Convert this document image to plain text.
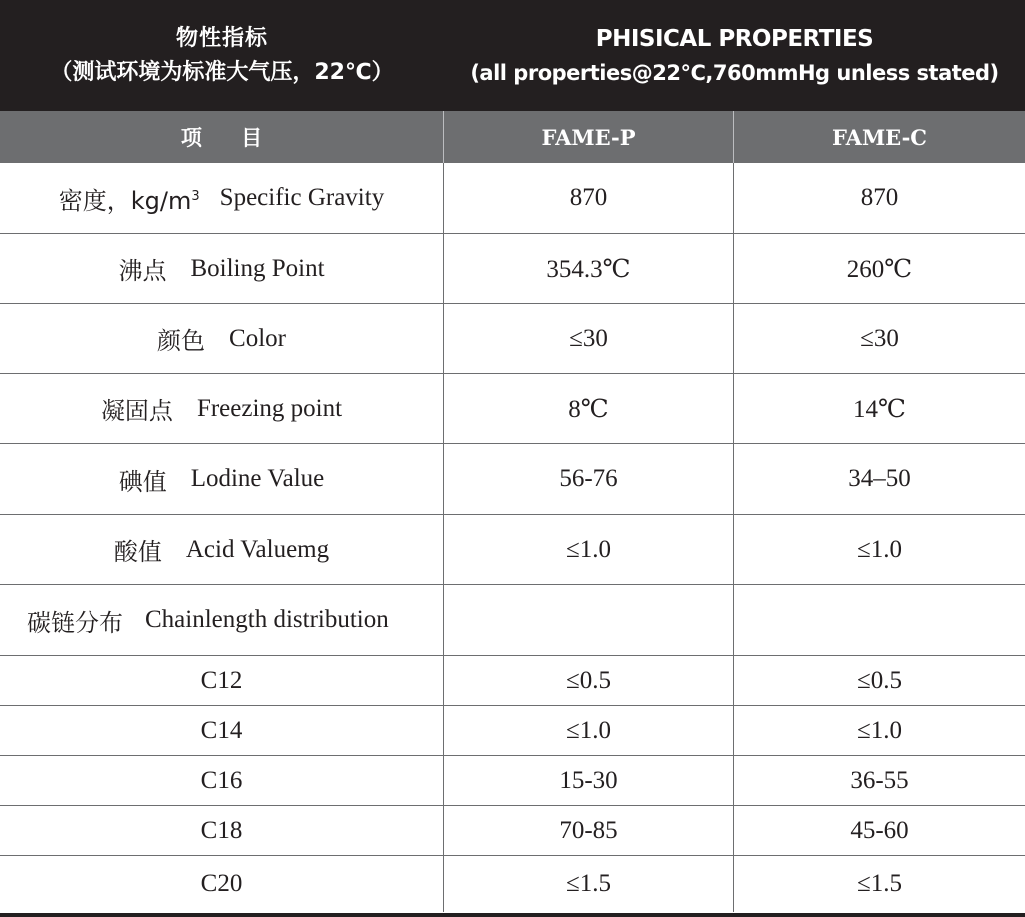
物性指标
（测试环境为标准大气压，22℃）
PHISICAL PROPERTIES
(all properties@22℃,760mmHg unless stated)
项 目	FAME-P	FAME-C
密度，$kg/m^3$ Specific Gravity	870	870
沸点 Boiling Point	354.3℃	260℃
颜色 Color	≤30	≤30
凝固点 Freezing point	8℃	14℃
碘值 Lodine Value	56-76	34–50
酸值 Acid Valuemg	≤1.0	≤1.0
碳链分布 Chainlength distribution
C12	≤0.5	≤0.5
C14	≤1.0	≤1.0
C16	15-30	36-55
C18	70-85	45-60
C20	≤1.5	≤1.5
